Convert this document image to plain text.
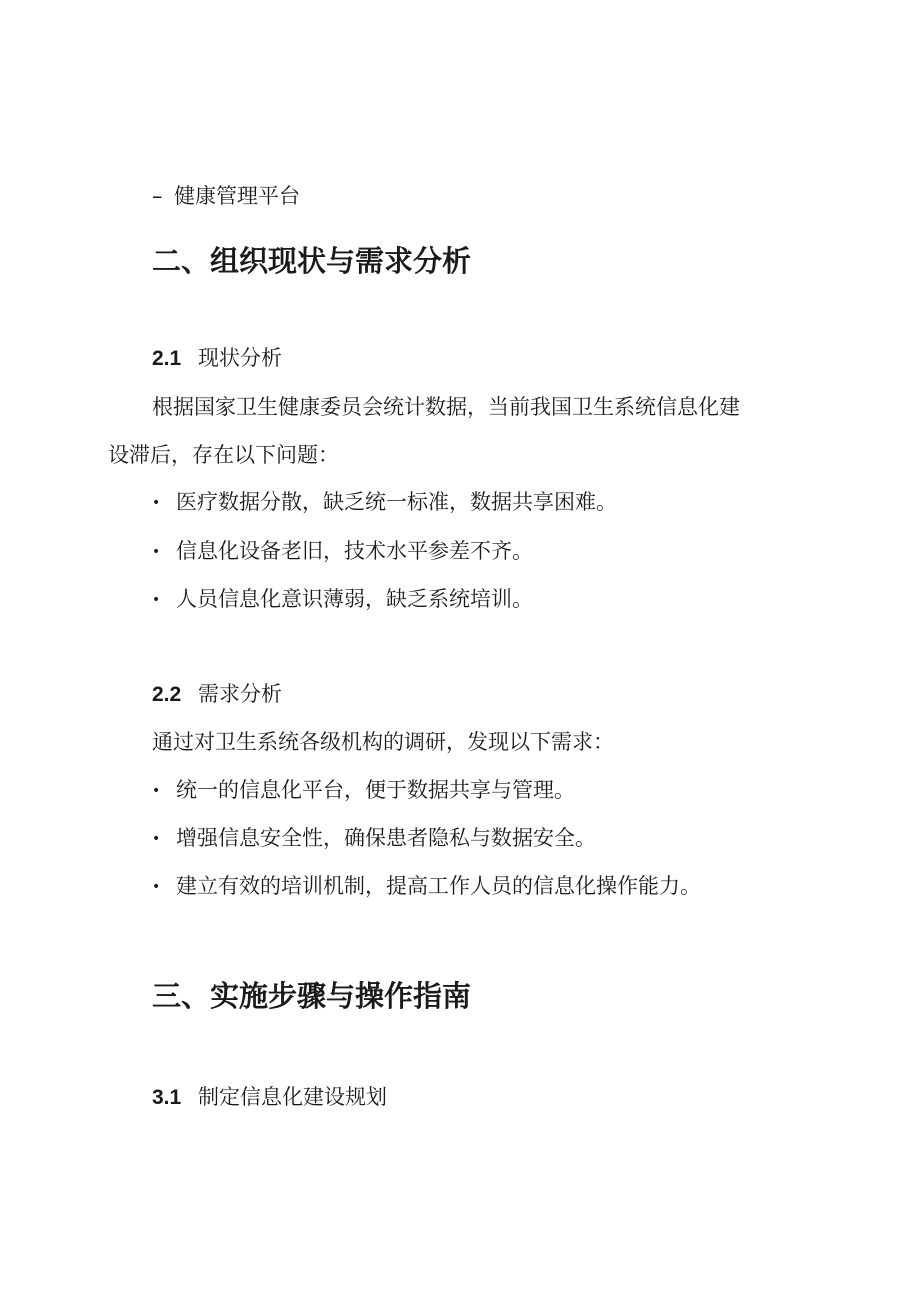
– 健康管理平台
二、组织现状与需求分析
2.1 现状分析
根据国家卫生健康委员会统计数据，当前我国卫生系统信息化建
设滞后，存在以下问题：
• 医疗数据分散，缺乏统一标准，数据共享困难。
• 信息化设备老旧，技术水平参差不齐。
• 人员信息化意识薄弱，缺乏系统培训。
2.2 需求分析
通过对卫生系统各级机构的调研，发现以下需求：
• 统一的信息化平台，便于数据共享与管理。
• 增强信息安全性，确保患者隐私与数据安全。
• 建立有效的培训机制，提高工作人员的信息化操作能力。
三、实施步骤与操作指南
3.1 制定信息化建设规划
